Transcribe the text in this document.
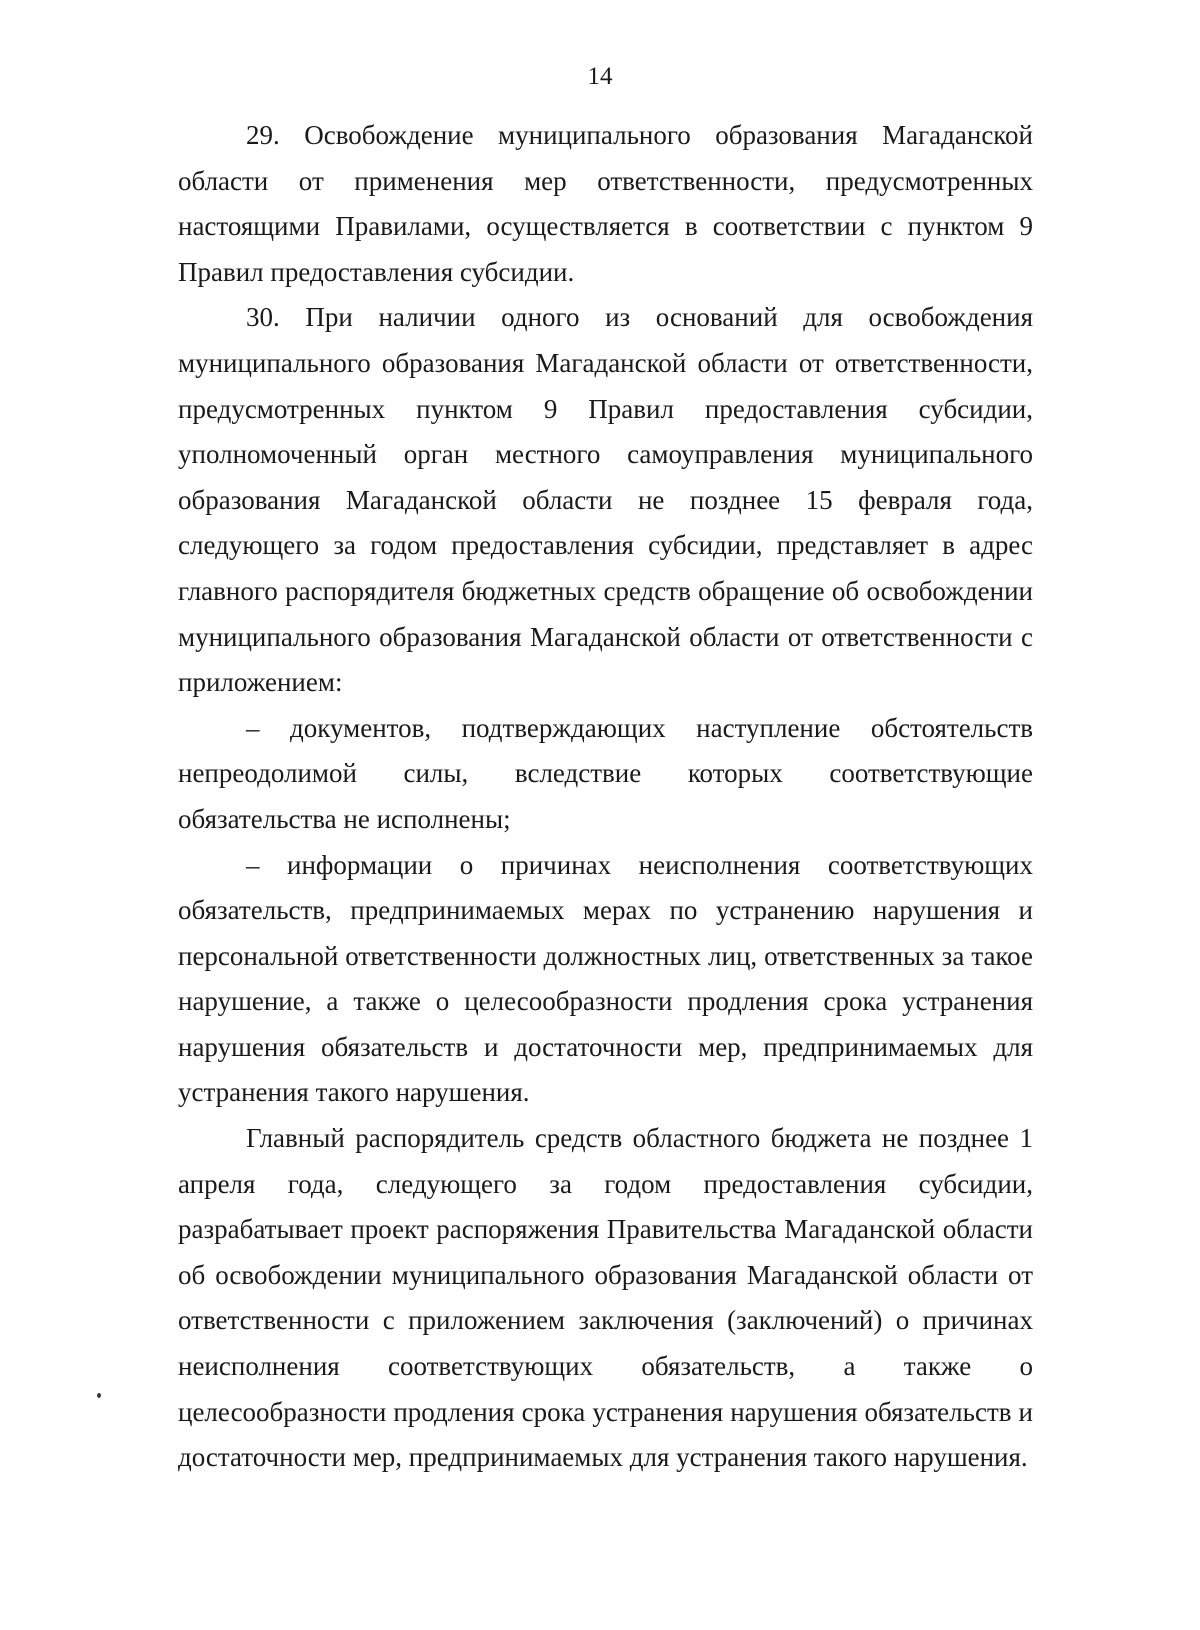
14

29. Освобождение муниципального образования Магаданской области от применения мер ответственности, предусмотренных настоящими Правилами, осуществляется в соответствии с пунктом 9 Правил предоставления субсидии.

30. При наличии одного из оснований для освобождения муниципального образования Магаданской области от ответственности, предусмотренных пунктом 9 Правил предоставления субсидии, уполномоченный орган местного самоуправления муниципального образования Магаданской области не позднее 15 февраля года, следующего за годом предоставления субсидии, представляет в адрес главного распорядителя бюджетных средств обращение об освобождении муниципального образования Магаданской области от ответственности с приложением:

– документов, подтверждающих наступление обстоятельств непреодолимой силы, вследствие которых соответствующие обязательства не исполнены;

– информации о причинах неисполнения соответствующих обязательств, предпринимаемых мерах по устранению нарушения и персональной ответственности должностных лиц, ответственных за такое нарушение, а также о целесообразности продления срока устранения нарушения обязательств и достаточности мер, предпринимаемых для устранения такого нарушения.

Главный распорядитель средств областного бюджета не позднее 1 апреля года, следующего за годом предоставления субсидии, разрабатывает проект распоряжения Правительства Магаданской области об освобождении муниципального образования Магаданской области от ответственности с приложением заключения (заключений) о причинах неисполнения соответствующих обязательств, а также о целесообразности продления срока устранения нарушения обязательств и достаточности мер, предпринимаемых для устранения такого нарушения.
